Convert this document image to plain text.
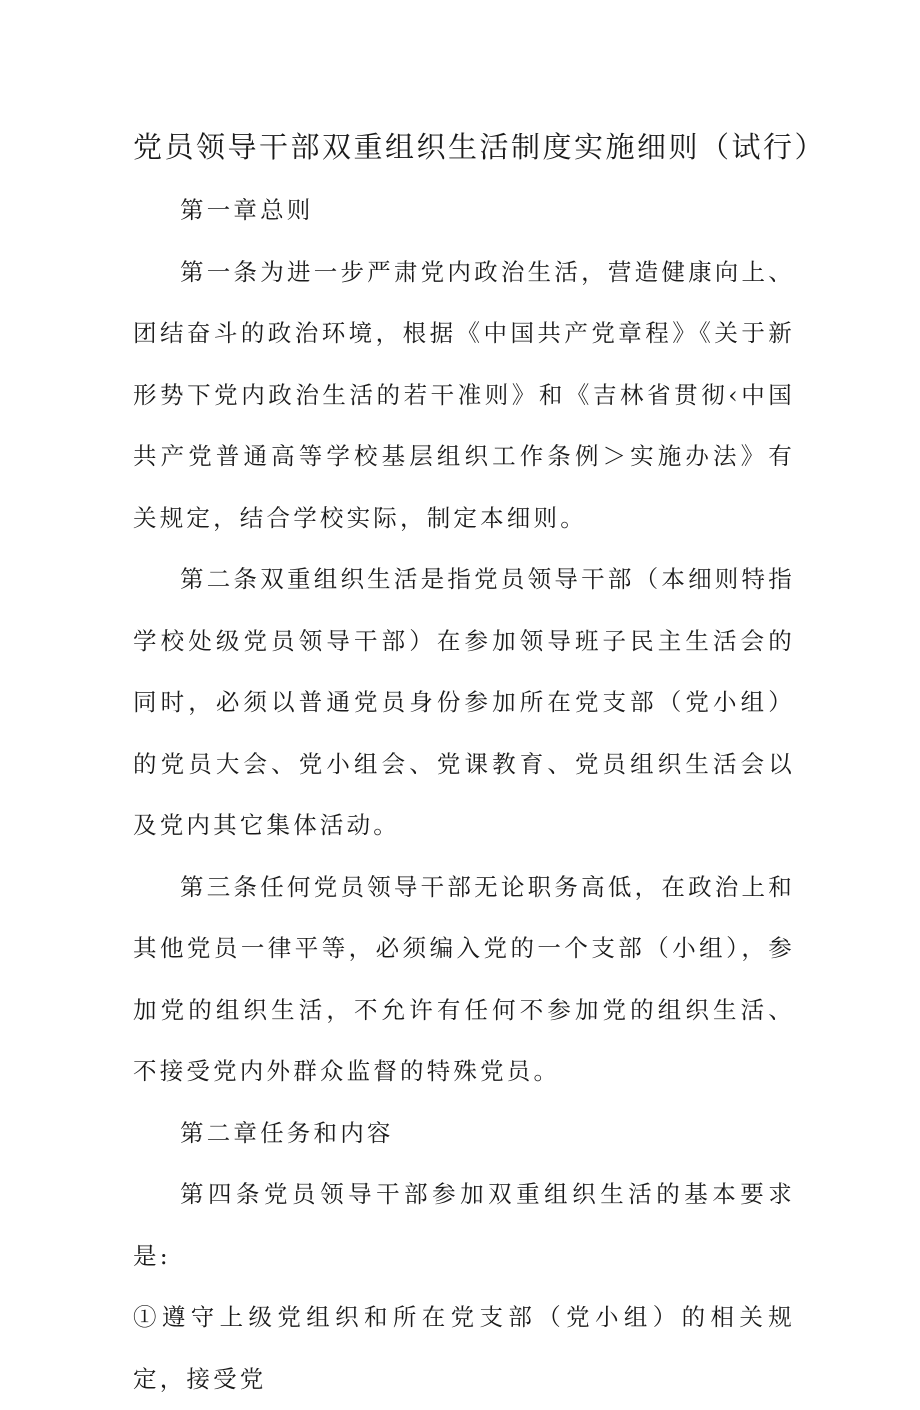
党员领导干部双重组织生活制度实施细则（试行）

第一章总则

第一条为进一步严肃党内政治生活，营造健康向上、团结奋斗的政治环境，根据《中国共产党章程》《关于新形势下党内政治生活的若干准则》和《吉林省贯彻‹中国共产党普通高等学校基层组织工作条例＞实施办法》有关规定，结合学校实际，制定本细则。

第二条双重组织生活是指党员领导干部（本细则特指学校处级党员领导干部）在参加领导班子民主生活会的同时，必须以普通党员身份参加所在党支部（党小组）的党员大会、党小组会、党课教育、党员组织生活会以及党内其它集体活动。

第三条任何党员领导干部无论职务高低，在政治上和其他党员一律平等，必须编入党的一个支部（小组），参加党的组织生活，不允许有任何不参加党的组织生活、不接受党内外群众监督的特殊党员。

第二章任务和内容

第四条党员领导干部参加双重组织生活的基本要求是:

①遵守上级党组织和所在党支部（党小组）的相关规定，接受党
